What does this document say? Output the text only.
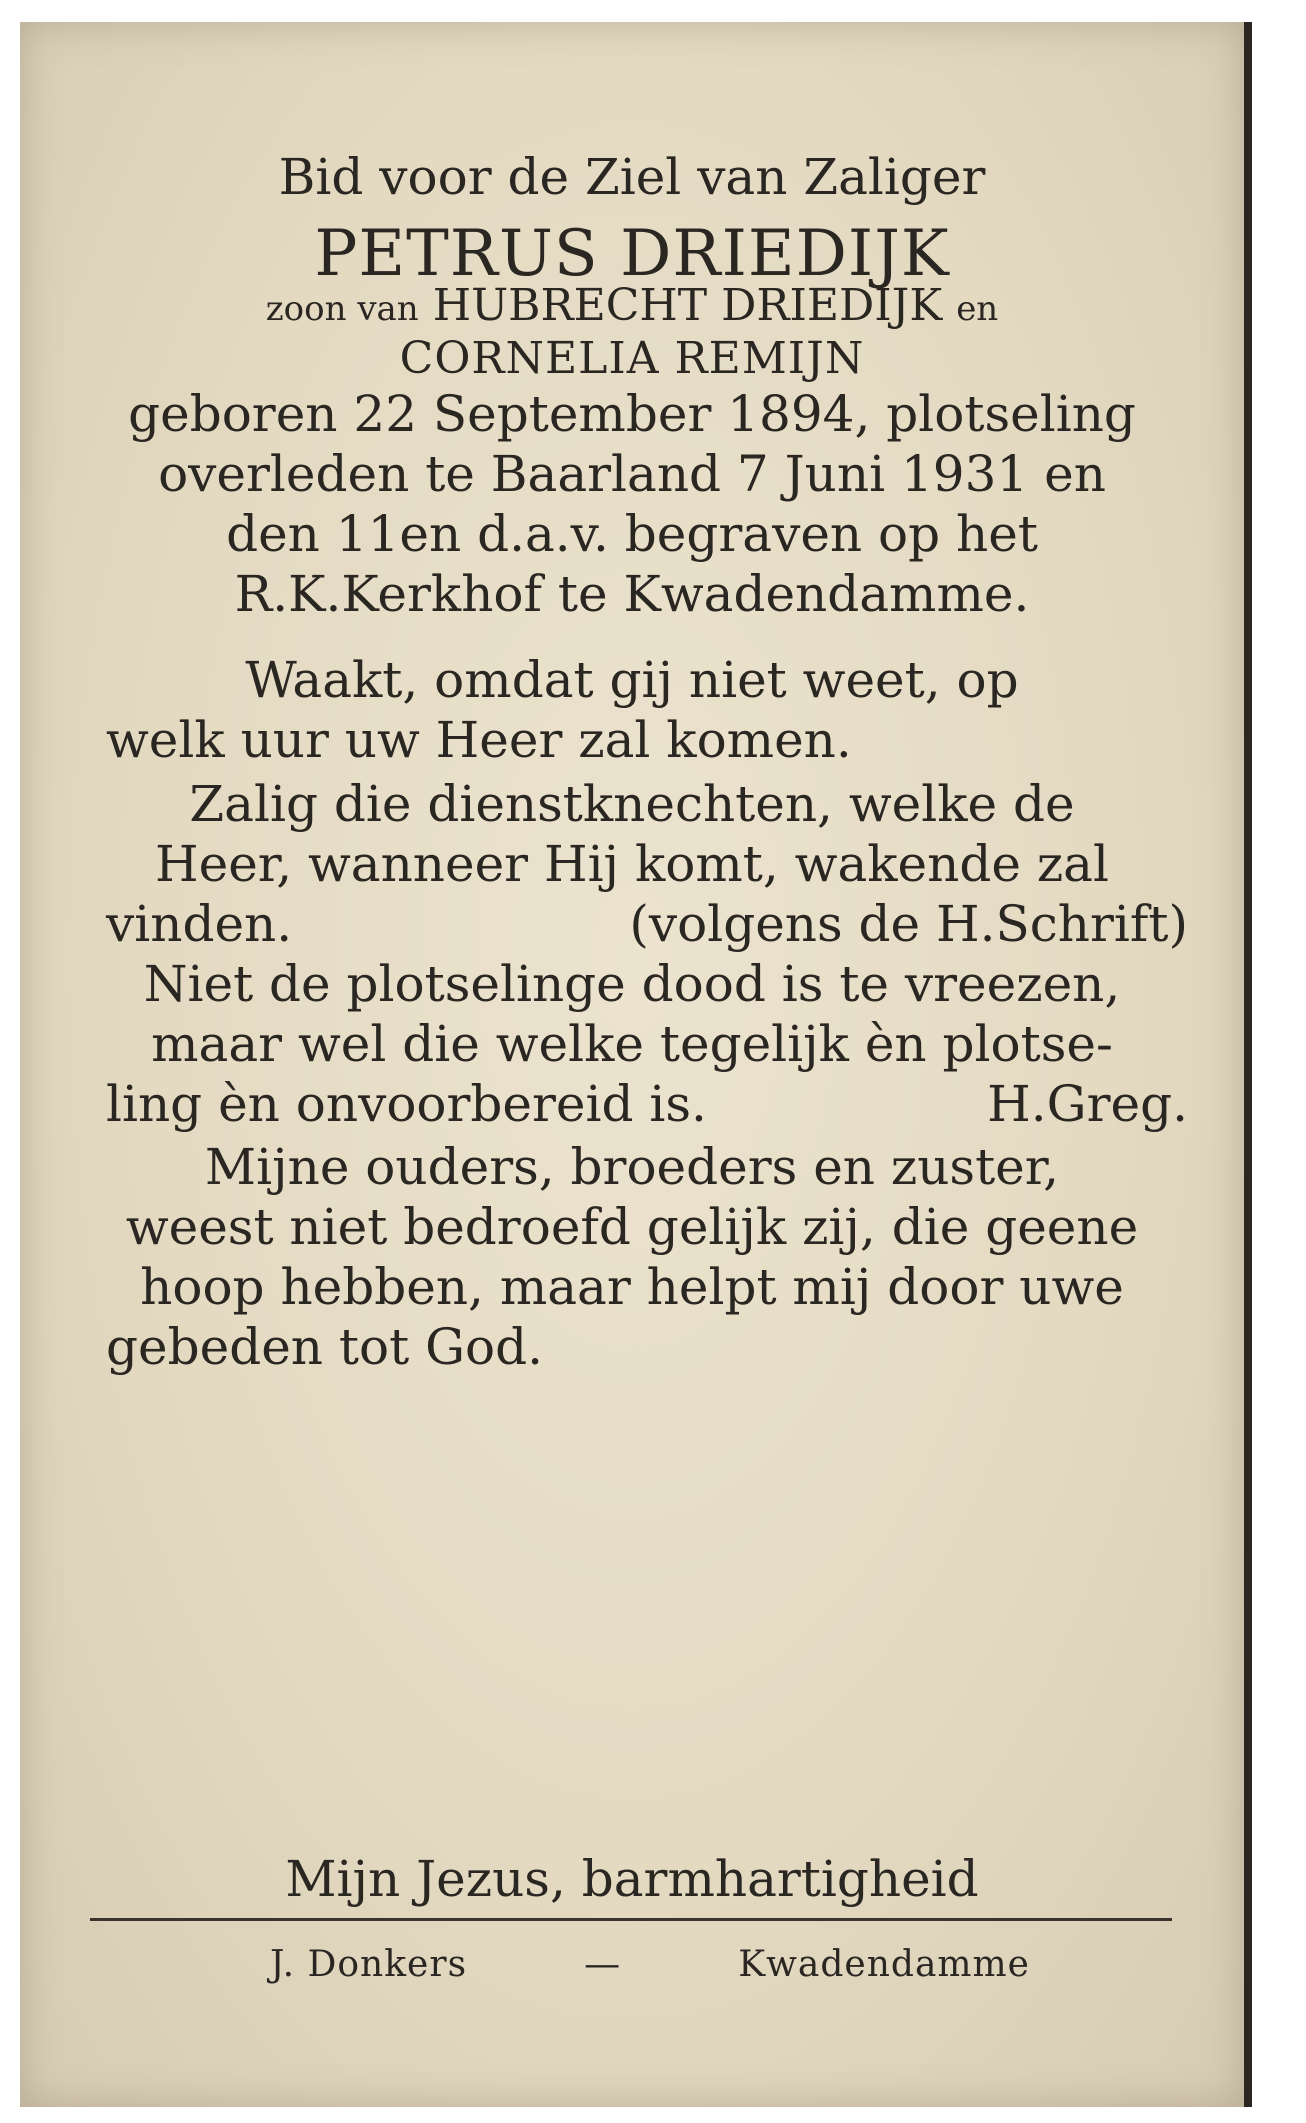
Bid voor de Ziel van Zaliger
PETRUS DRIEDIJK
zoon van HUBRECHT DRIEDIJK en
CORNELIA REMIJN
geboren 22 September 1894, plotseling
overleden te Baarland 7 Juni 1931 en
den 11en d.a.v. begraven op het
R.K.Kerkhof te Kwadendamme.
Waakt, omdat gij niet weet, op
welk uur uw Heer zal komen.
Zalig die dienstknechten, welke de
Heer, wanneer Hij komt, wakende zal
vinden.	(volgens de H.Schrift)
Niet de plotselinge dood is te vreezen,
maar wel die welke tegelijk èn plotse-
ling èn onvoorbereid is.	H.Greg.
Mijne ouders, broeders en zuster,
weest niet bedroefd gelijk zij, die geene
hoop hebben, maar helpt mij door uwe
gebeden tot God.
Mijn Jezus, barmhartigheid
J. Donkers	—	Kwadendamme
